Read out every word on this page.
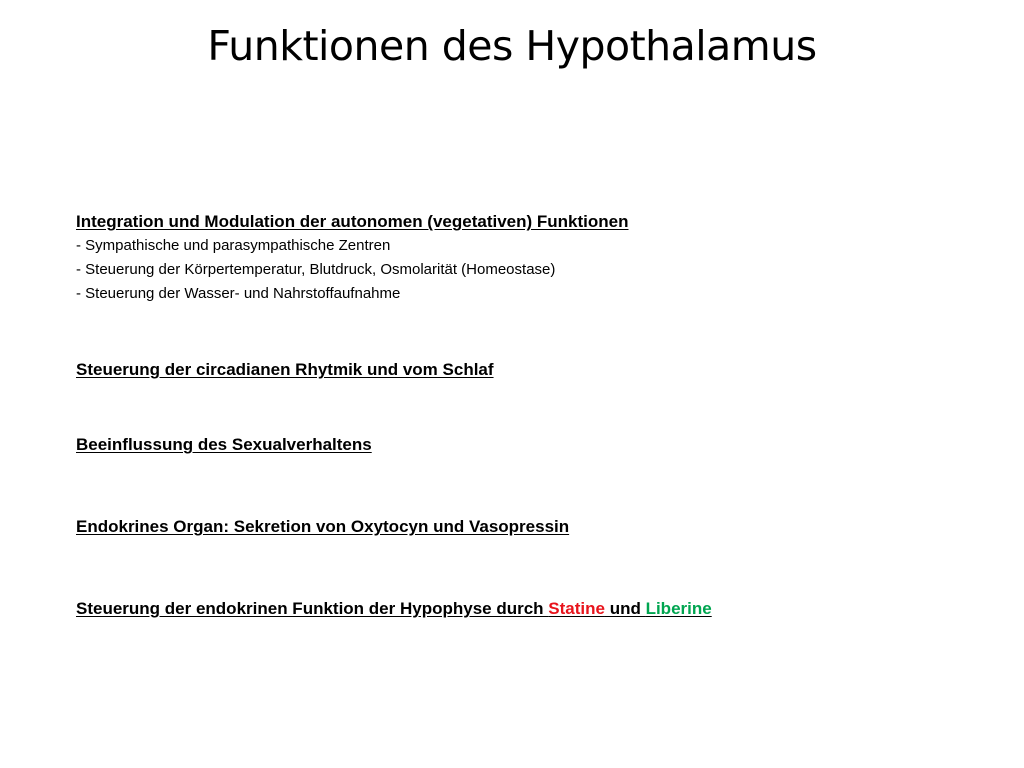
Funktionen des Hypothalamus

Integration und Modulation der autonomen (vegetativen) Funktionen

- Sympathische und parasympathische Zentren
- Steuerung der Körpertemperatur, Blutdruck, Osmolarität (Homeostase)
- Steuerung der Wasser- und Nahrstoffaufnahme

Steuerung der circadianen Rhytmik und vom Schlaf

Beeinflussung des Sexualverhaltens

Endokrines Organ: Sekretion von Oxytocyn und Vasopressin

Steuerung der endokrinen Funktion der Hypophyse durch Statine und Liberine
